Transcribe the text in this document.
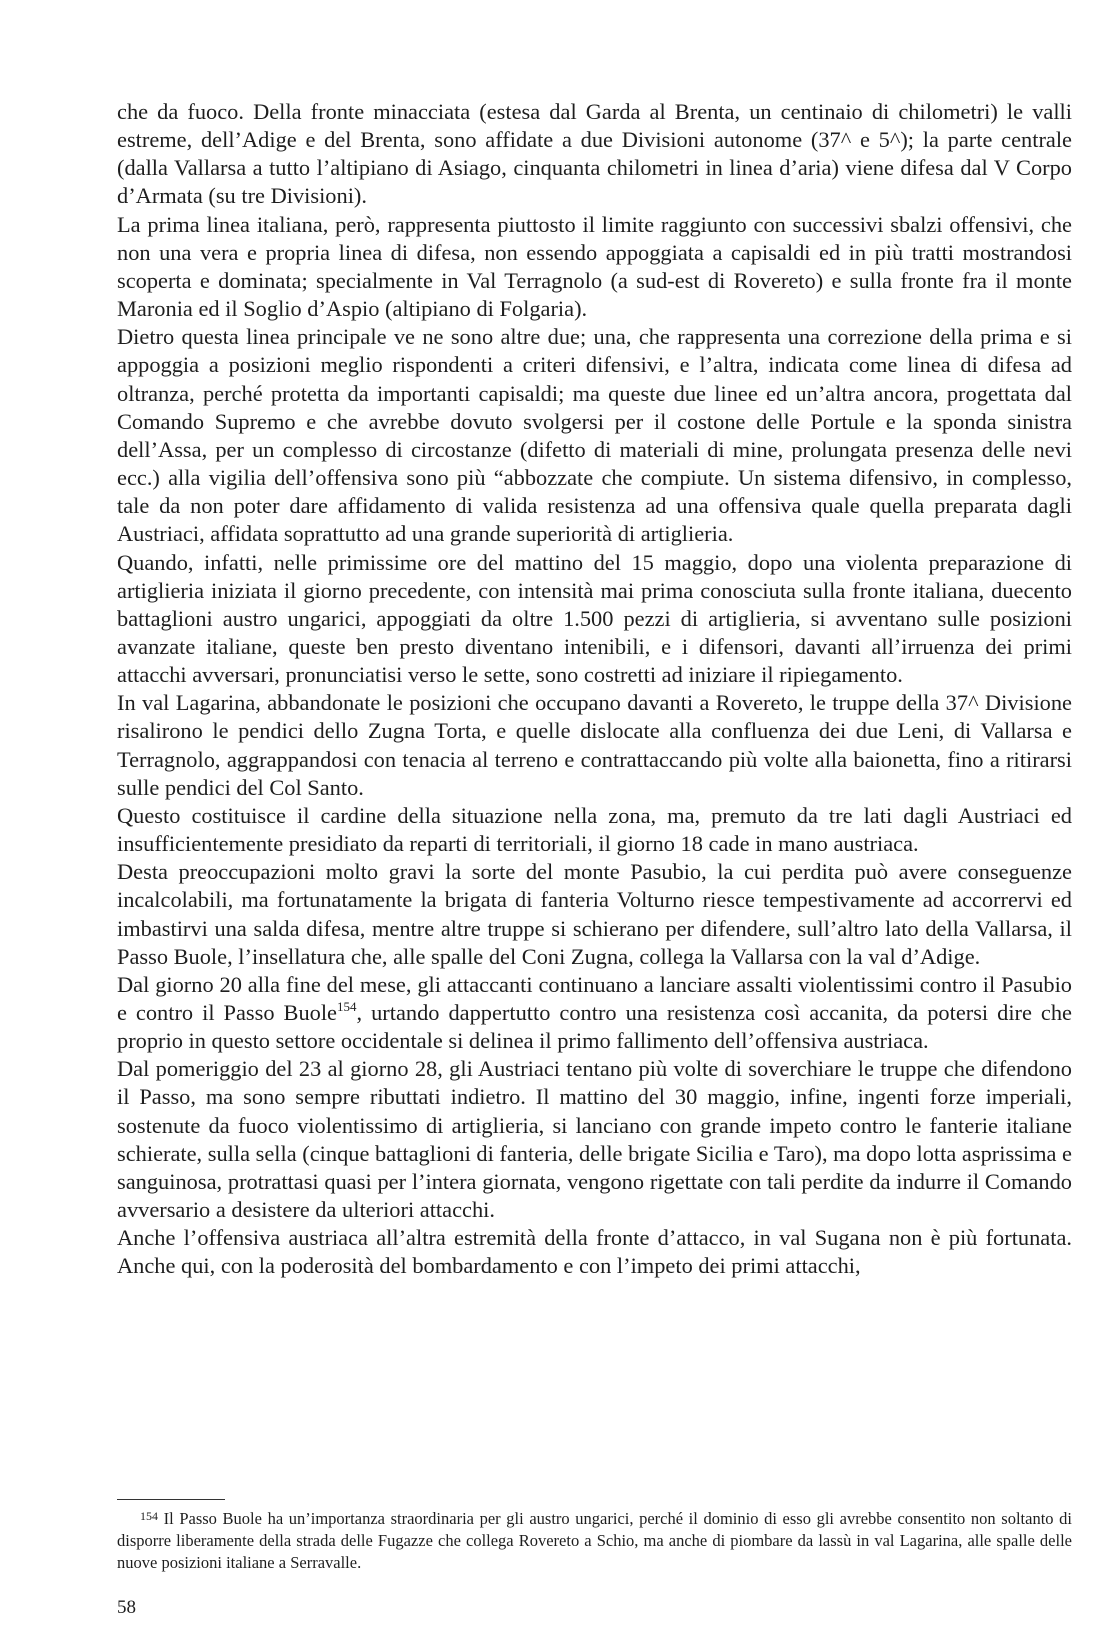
che da fuoco. Della fronte minacciata (estesa dal Garda al Brenta, un centinaio di chilometri) le valli estreme, dell’Adige e del Brenta, sono affidate a due Divisioni autonome (37^ e 5^); la parte centrale (dalla Vallarsa a tutto l’altipiano di Asiago, cinquanta chilometri in linea d’aria) viene difesa dal V Corpo d’Armata (su tre Divisioni).

La prima linea italiana, però, rappresenta piuttosto il limite raggiunto con successivi sbalzi offensivi, che non una vera e propria linea di difesa, non essendo appoggiata a capisaldi ed in più tratti mostrandosi scoperta e dominata; specialmente in Val Terragnolo (a sud-est di Rovereto) e sulla fronte fra il monte Maronia ed il Soglio d’Aspio (altipiano di Folgaria).

Dietro questa linea principale ve ne sono altre due; una, che rappresenta una correzione della prima e si appoggia a posizioni meglio rispondenti a criteri difensivi, e l’altra, indicata come linea di difesa ad oltranza, perché protetta da importanti capisaldi; ma queste due linee ed un’altra ancora, progettata dal Comando Supremo e che avrebbe dovuto svolgersi per il costone delle Portule e la sponda sinistra dell’Assa, per un complesso di circostanze (difetto di materiali di mine, prolungata presenza delle nevi ecc.) alla vigilia dell’offensiva sono più “abbozzate che compiute. Un sistema difensivo, in complesso, tale da non poter dare affidamento di valida resistenza ad una offensiva quale quella preparata dagli Austriaci, affidata soprattutto ad una grande superiorità di artiglieria.

Quando, infatti, nelle primissime ore del mattino del 15 maggio, dopo una violenta preparazione di artiglieria iniziata il giorno precedente, con intensità mai prima conosciuta sulla fronte italiana, duecento battaglioni austro ungarici, appoggiati da oltre 1.500 pezzi di artiglieria, si avventano sulle posizioni avanzate italiane, queste ben presto diventano intenibili, e i difensori, davanti all’irruenza dei primi attacchi avversari, pronunciatisi verso le sette, sono costretti ad iniziare il ripiegamento.

In val Lagarina, abbandonate le posizioni che occupano davanti a Rovereto, le truppe della 37^ Divisione risalirono le pendici dello Zugna Torta, e quelle dislocate alla confluenza dei due Leni, di Vallarsa e Terragnolo, aggrappandosi con tenacia al terreno e contrattaccando più volte alla baionetta, fino a ritirarsi sulle pendici del Col Santo.

Questo costituisce il cardine della situazione nella zona, ma, premuto da tre lati dagli Austriaci ed insufficientemente presidiato da reparti di territoriali, il giorno 18 cade in mano austriaca.

Desta preoccupazioni molto gravi la sorte del monte Pasubio, la cui perdita può avere conseguenze incalcolabili, ma fortunatamente la brigata di fanteria Volturno riesce tempestivamente ad accorrervi ed imbastirvi una salda difesa, mentre altre truppe si schierano per difendere, sull’altro lato della Vallarsa, il Passo Buole, l’insellatura che, alle spalle del Coni Zugna, collega la Vallarsa con la val d’Adige.

Dal giorno 20 alla fine del mese, gli attaccanti continuano a lanciare assalti violentissimi contro il Pasubio e contro il Passo Buole$^{154}$, urtando dappertutto contro una resistenza così accanita, da potersi dire che proprio in questo settore occidentale si delinea il primo fallimento dell’offensiva austriaca.

Dal pomeriggio del 23 al giorno 28, gli Austriaci tentano più volte di soverchiare le truppe che difendono il Passo, ma sono sempre ributtati indietro. Il mattino del 30 maggio, infine, ingenti forze imperiali, sostenute da fuoco violentissimo di artiglieria, si lanciano con grande impeto contro le fanterie italiane schierate, sulla sella (cinque battaglioni di fanteria, delle brigate Sicilia e Taro), ma dopo lotta asprissima e sanguinosa, protrattasi quasi per l’intera giornata, vengono rigettate con tali perdite da indurre il Comando avversario a desistere da ulteriori attacchi.

Anche l’offensiva austriaca all’altra estremità della fronte d’attacco, in val Sugana non è più fortunata. Anche qui, con la poderosità del bombardamento e con l’impeto dei primi attacchi,

$^{154}$ Il Passo Buole ha un’importanza straordinaria per gli austro ungarici, perché il dominio di esso gli avrebbe consentito non soltanto di disporre liberamente della strada delle Fugazze che collega Rovereto a Schio, ma anche di piombare da lassù in val Lagarina, alle spalle delle nuove posizioni italiane a Serravalle.
58
